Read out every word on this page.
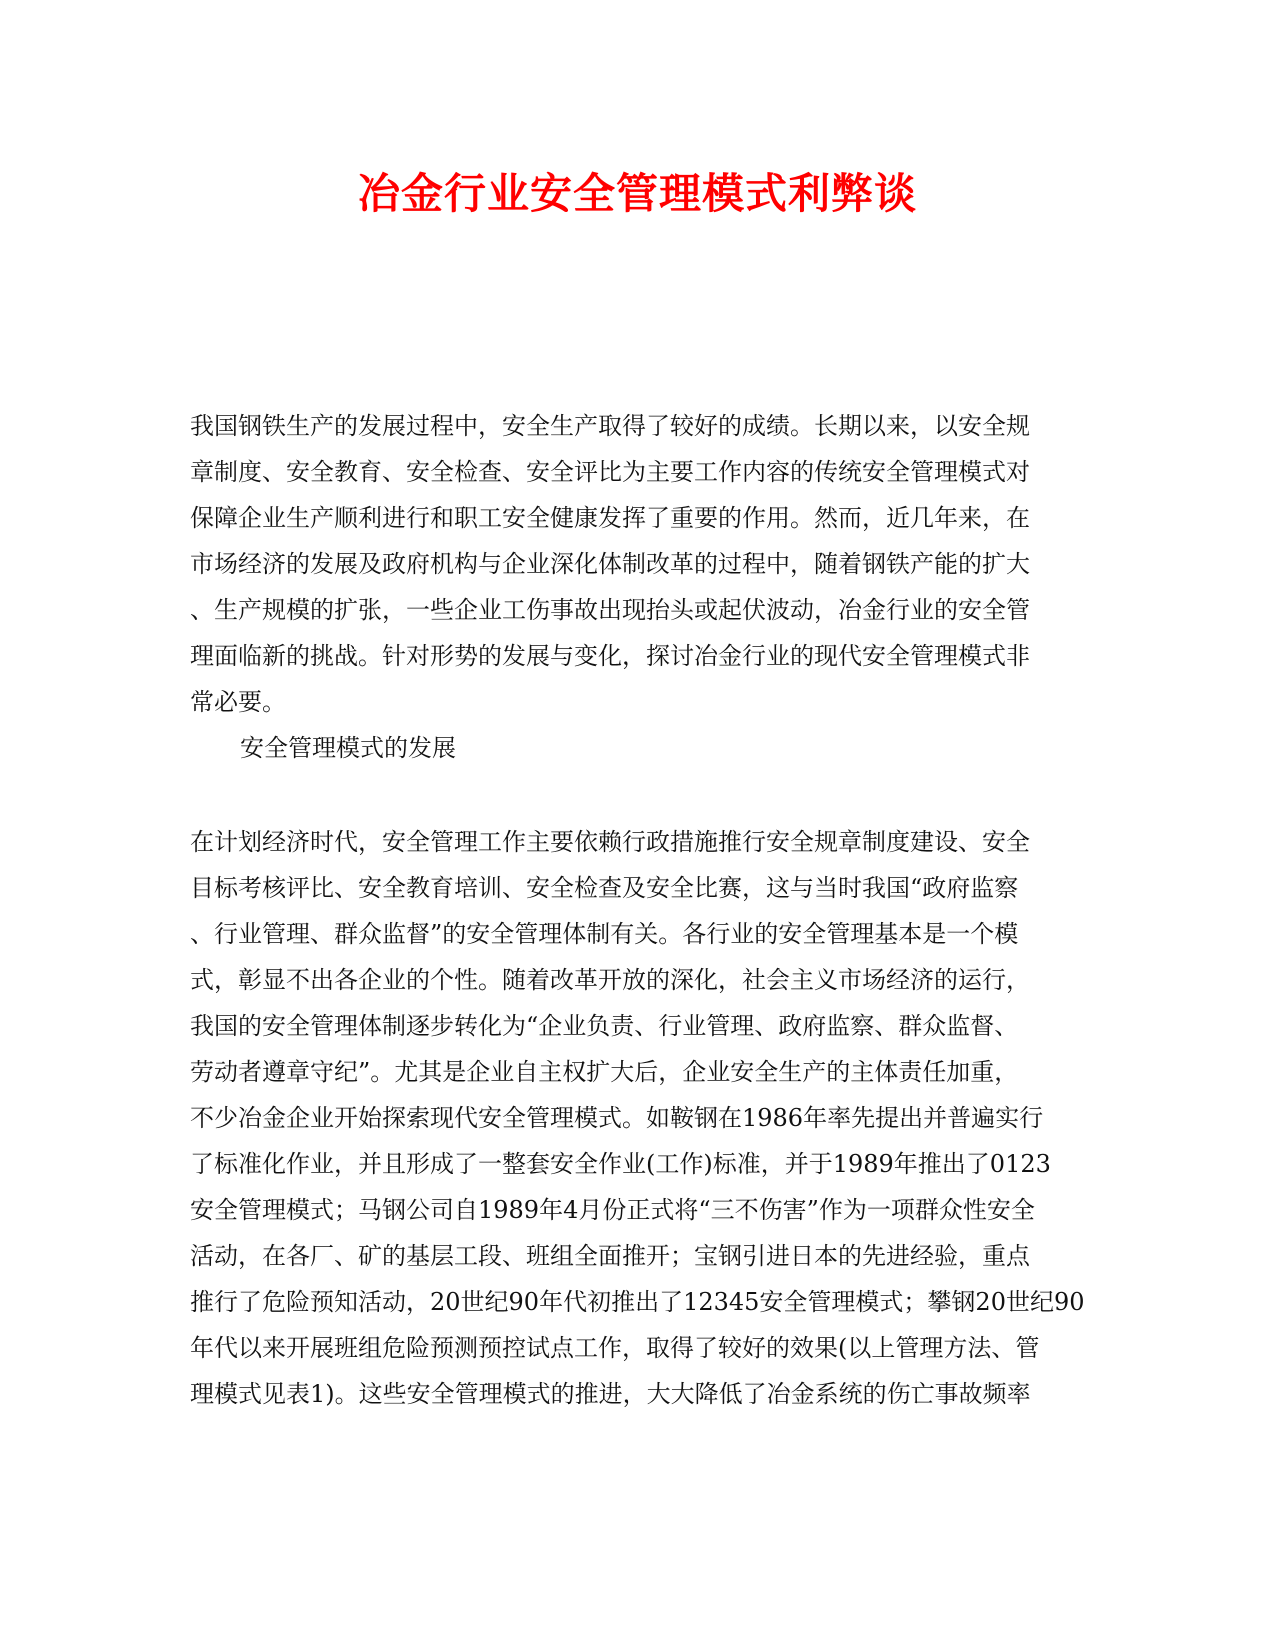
冶金行业安全管理模式利弊谈
我国钢铁生产的发展过程中，安全生产取得了较好的成绩。长期以来，以安全规
章制度、安全教育、安全检查、安全评比为主要工作内容的传统安全管理模式对
保障企业生产顺利进行和职工安全健康发挥了重要的作用。然而，近几年来，在
市场经济的发展及政府机构与企业深化体制改革的过程中，随着钢铁产能的扩大
、生产规模的扩张，一些企业工伤事故出现抬头或起伏波动，冶金行业的安全管
理面临新的挑战。针对形势的发展与变化，探讨冶金行业的现代安全管理模式非
常必要。
安全管理模式的发展
在计划经济时代，安全管理工作主要依赖行政措施推行安全规章制度建设、安全
目标考核评比、安全教育培训、安全检查及安全比赛，这与当时我国“政府监察
、行业管理、群众监督”的安全管理体制有关。各行业的安全管理基本是一个模
式，彰显不出各企业的个性。随着改革开放的深化，社会主义市场经济的运行，
我国的安全管理体制逐步转化为“企业负责、行业管理、政府监察、群众监督、
劳动者遵章守纪”。尤其是企业自主权扩大后，企业安全生产的主体责任加重，
不少冶金企业开始探索现代安全管理模式。如鞍钢在1986年率先提出并普遍实行
了标准化作业，并且形成了一整套安全作业(工作)标准，并于1989年推出了0123
安全管理模式；马钢公司自1989年4月份正式将“三不伤害”作为一项群众性安全
活动，在各厂、矿的基层工段、班组全面推开；宝钢引进日本的先进经验，重点
推行了危险预知活动，20世纪90年代初推出了12345安全管理模式；攀钢20世纪90
年代以来开展班组危险预测预控试点工作，取得了较好的效果(以上管理方法、管
理模式见表1)。这些安全管理模式的推进，大大降低了冶金系统的伤亡事故频率
